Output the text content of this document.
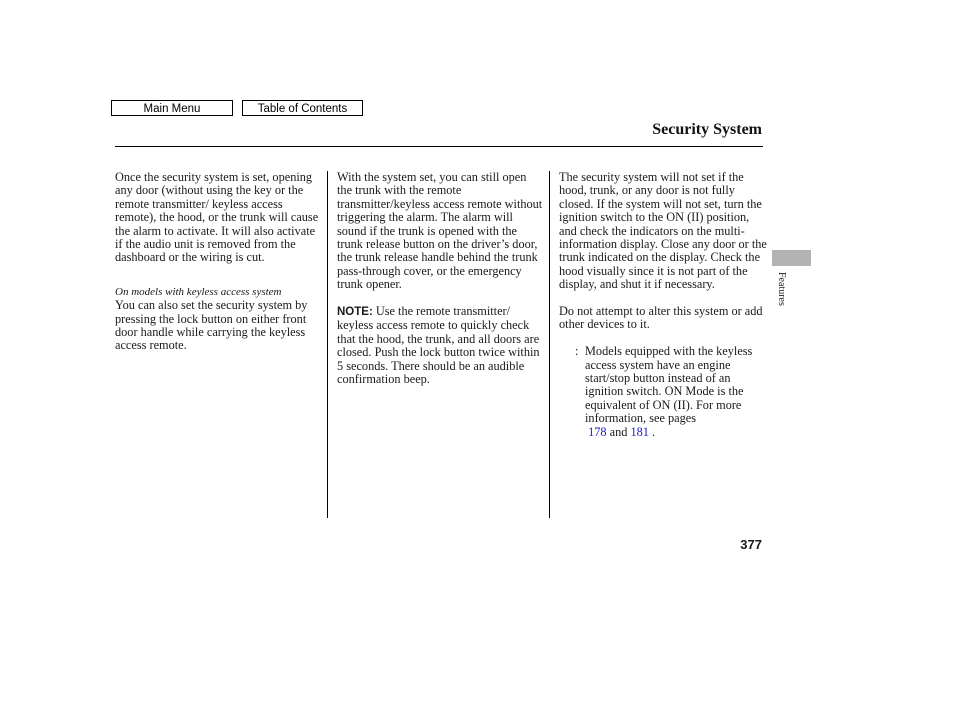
Main Menu	Table of Contents
Security System

Once the security system is set, opening any door (without using the key or the remote transmitter/ keyless access remote), the hood, or the trunk will cause the alarm to activate. It will also activate if the audio unit is removed from the dashboard or the wiring is cut.

On models with keyless access system

You can also set the security system by pressing the lock button on either front door handle while carrying the keyless access remote.

With the system set, you can still open the trunk with the remote transmitter/keyless access remote without triggering the alarm. The alarm will sound if the trunk is opened with the trunk release button on the driver’s door, the trunk release handle behind the trunk pass-through cover, or the emergency trunk opener.

NOTE: Use the remote transmitter/ keyless access remote to quickly check that the hood, the trunk, and all doors are closed. Push the lock button twice within 5 seconds. There should be an audible confirmation beep.

The security system will not set if the hood, trunk, or any door is not fully closed. If the system will not set, turn the ignition switch to the ON (II) position, and check the indicators on the multi-information display. Close any door or the trunk indicated on the display. Check the hood visually since it is not part of the display, and shut it if necessary.

Do not attempt to alter this system or add other devices to it.

: Models equipped with the keyless access system have an engine start/stop button instead of an ignition switch. ON Mode is the equivalent of ON (II). For more information, see pages
178 and 181 .

Features
377
